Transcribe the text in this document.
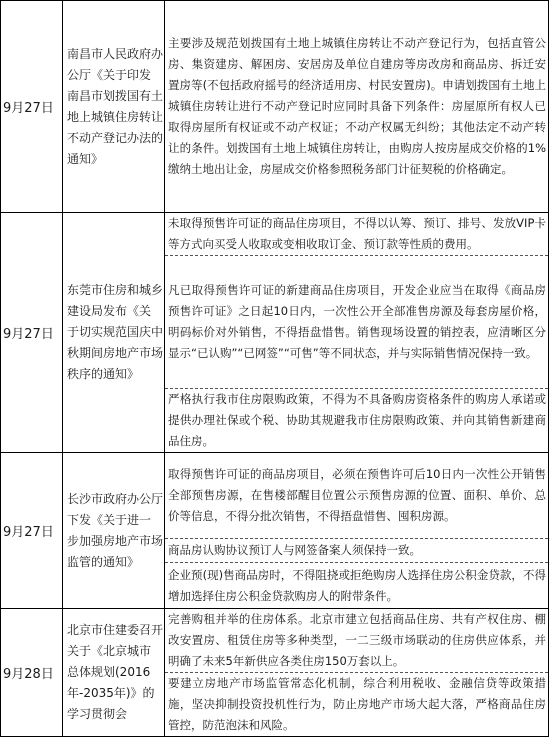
9月27日	南昌市人民政府办公厅《关于印发南昌市划拨国有土地上城镇住房转让不动产登记办法的通知》	主要涉及规范划拨国有土地上城镇住房转让不动产登记行为，包括直管公房、集资建房、解困房、安居房及单位自建房等房改房和商品房、拆迁安置房等(不包括政府摇号的经济适用房、村民安置房)。申请划拨国有土地上城镇住房转让进行不动产登记时应同时具备下列条件：房屋原所有权人已取得房屋所有权证或不动产权证；不动产权属无纠纷；其他法定不动产转让的条件。划拨国有土地上城镇住房转让，由购房人按房屋成交价格的1%缴纳土地出让金，房屋成交价格参照税务部门计征契税的价格确定。
9月27日	东莞市住房和城乡建设局发布《关于切实规范国庆中秋期间房地产市场秩序的通知》	未取得预售许可证的商品住房项目，不得以认筹、预订、排号、发放VIP卡等方式向买受人收取或变相收取订金、预订款等性质的费用。
		凡已取得预售许可证的新建商品住房项目，开发企业应当在取得《商品房预售许可证》之日起10日内，一次性公开全部准售房源及每套房屋价格，明码标价对外销售，不得捂盘惜售。销售现场设置的销控表，应清晰区分显示“已认购”“已网签”“可售”等不同状态，并与实际销售情况保持一致。
		严格执行我市住房限购政策，不得为不具备购房资格条件的购房人承诺或提供办理社保或个税、协助其规避我市住房限购政策、并向其销售新建商品住房。
9月27日	长沙市政府办公厅下发《关于进一步加强房地产市场监管的通知》	取得预售许可证的商品房项目，必须在预售许可后10日内一次性公开销售全部预售房源，在售楼部醒目位置公示预售房源的位置、面积、单价、总价等信息，不得分批次销售，不得捂盘惜售、囤积房源。
		商品房认购协议预订人与网签备案人须保持一致。
		企业预(现)售商品房时，不得阻挠或拒绝购房人选择住房公积金贷款，不得增加选择住房公积金贷款购房人的附带条件。
9月28日	北京市住建委召开关于《北京城市总体规划(2016年-2035年)》的学习贯彻会	完善购租并举的住房体系。北京市建立包括商品住房、共有产权住房、棚改安置房、租赁住房等多种类型，一二三级市场联动的住房供应体系，并明确了未来5年新供应各类住房150万套以上。
		要建立房地产市场监管常态化机制，综合利用税收、金融信贷等政策措施，坚决抑制投资投机性行为，防止房地产市场大起大落，严格商品住房管控，防范泡沫和风险。
